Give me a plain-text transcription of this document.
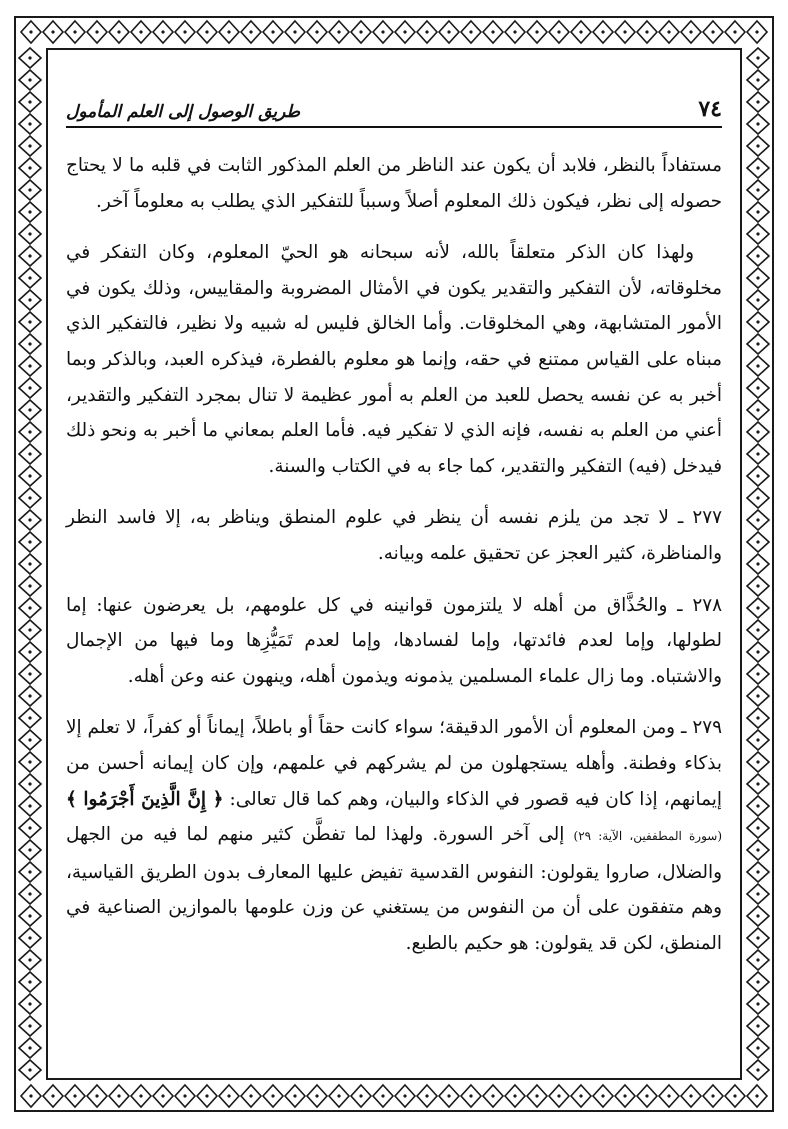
٧٤
طريق الوصول إلى العلم المأمول

مستفاداً بالنظر، فلابد أن يكون عند الناظر من العلم المذكور الثابت في قلبه ما لا يحتاج حصوله إلى نظر، فيكون ذلك المعلوم أصلاً وسبباً للتفكير الذي يطلب به معلوماً آخر.

ولهذا كان الذكر متعلقاً بالله، لأنه سبحانه هو الحيّ المعلوم، وكان التفكر في مخلوقاته، لأن التفكير والتقدير يكون في الأمثال المضروبة والمقاييس، وذلك يكون في الأمور المتشابهة، وهي المخلوقات. وأما الخالق فليس له شبيه ولا نظير، فالتفكير الذي مبناه على القياس ممتنع في حقه، وإنما هو معلوم بالفطرة، فيذكره العبد، وبالذكر وبما أخبر به عن نفسه يحصل للعبد من العلم به أمور عظيمة لا تنال بمجرد التفكير والتقدير، أعني من العلم به نفسه، فإنه الذي لا تفكير فيه. فأما العلم بمعاني ما أخبر به ونحو ذلك فيدخل (فيه) التفكير والتقدير، كما جاء به في الكتاب والسنة.

٢٧٧ ـ لا تجد من يلزم نفسه أن ينظر في علوم المنطق ويناظر به، إلا فاسد النظر والمناظرة، كثير العجز عن تحقيق علمه وبيانه.

٢٧٨ ـ والحُذَّاق من أهله لا يلتزمون قوانينه في كل علومهم، بل يعرضون عنها: إما لطولها، وإما لعدم فائدتها، وإما لفسادها، وإما لعدم تَمَيُّزِها وما فيها من الإجمال والاشتباه. وما زال علماء المسلمين يذمونه ويذمون أهله، وينهون عنه وعن أهله.

٢٧٩ ـ ومن المعلوم أن الأمور الدقيقة؛ سواء كانت حقاً أو باطلاً، إيماناً أو كفراً، لا تعلم إلا بذكاء وفطنة. وأهله يستجهلون من لم يشركهم في علمهم، وإن كان إيمانه أحسن من إيمانهم، إذا كان فيه قصور في الذكاء والبيان، وهم كما قال تعالى: ﴿ إِنَّ الَّذِينَ أَجْرَمُوا ﴾ (سورة المطففين، الآية: ٢٩) إلى آخر السورة. ولهذا لما تفطَّن كثير منهم لما فيه من الجهل والضلال، صاروا يقولون: النفوس القدسية تفيض عليها المعارف بدون الطريق القياسية، وهم متفقون على أن من النفوس من يستغني عن وزن علومها بالموازين الصناعية في المنطق، لكن قد يقولون: هو حكيم بالطبع.
